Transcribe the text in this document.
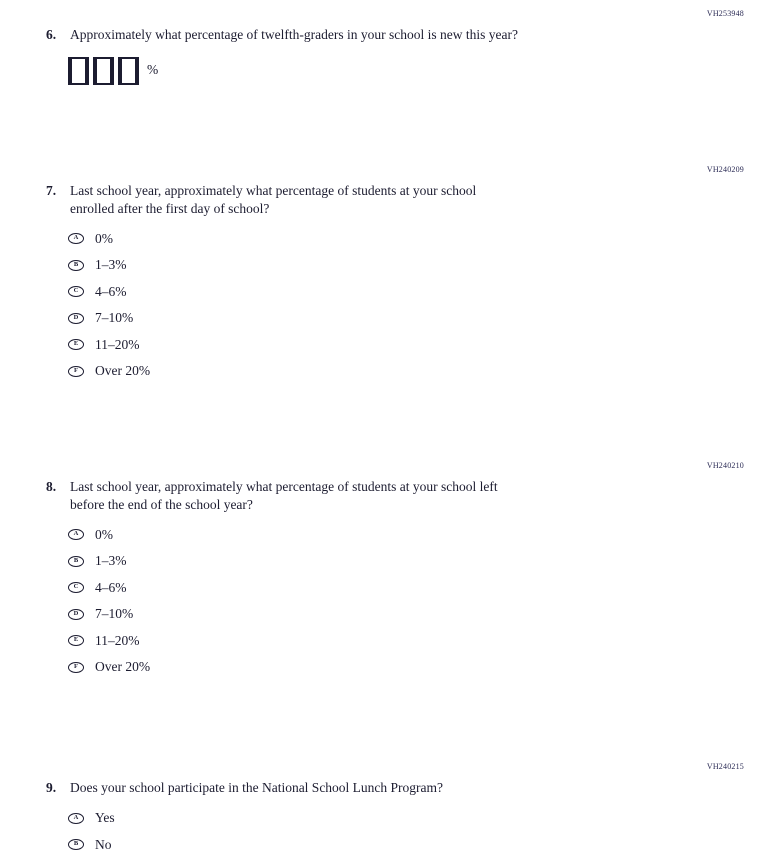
VH253948
6.	Approximately what percentage of twelfth-graders in your school is new this year?
%
VH240209
7.	Last school year, approximately what percentage of students at your school
enrolled after the first day of school?
A 0%
B 1–3%
C 4–6%
D 7–10%
E 11–20%
F Over 20%
VH240210
8.	Last school year, approximately what percentage of students at your school left
before the end of the school year?
A 0%
B 1–3%
C 4–6%
D 7–10%
E 11–20%
F Over 20%
VH240215
9.	Does your school participate in the National School Lunch Program?
A Yes
B No
